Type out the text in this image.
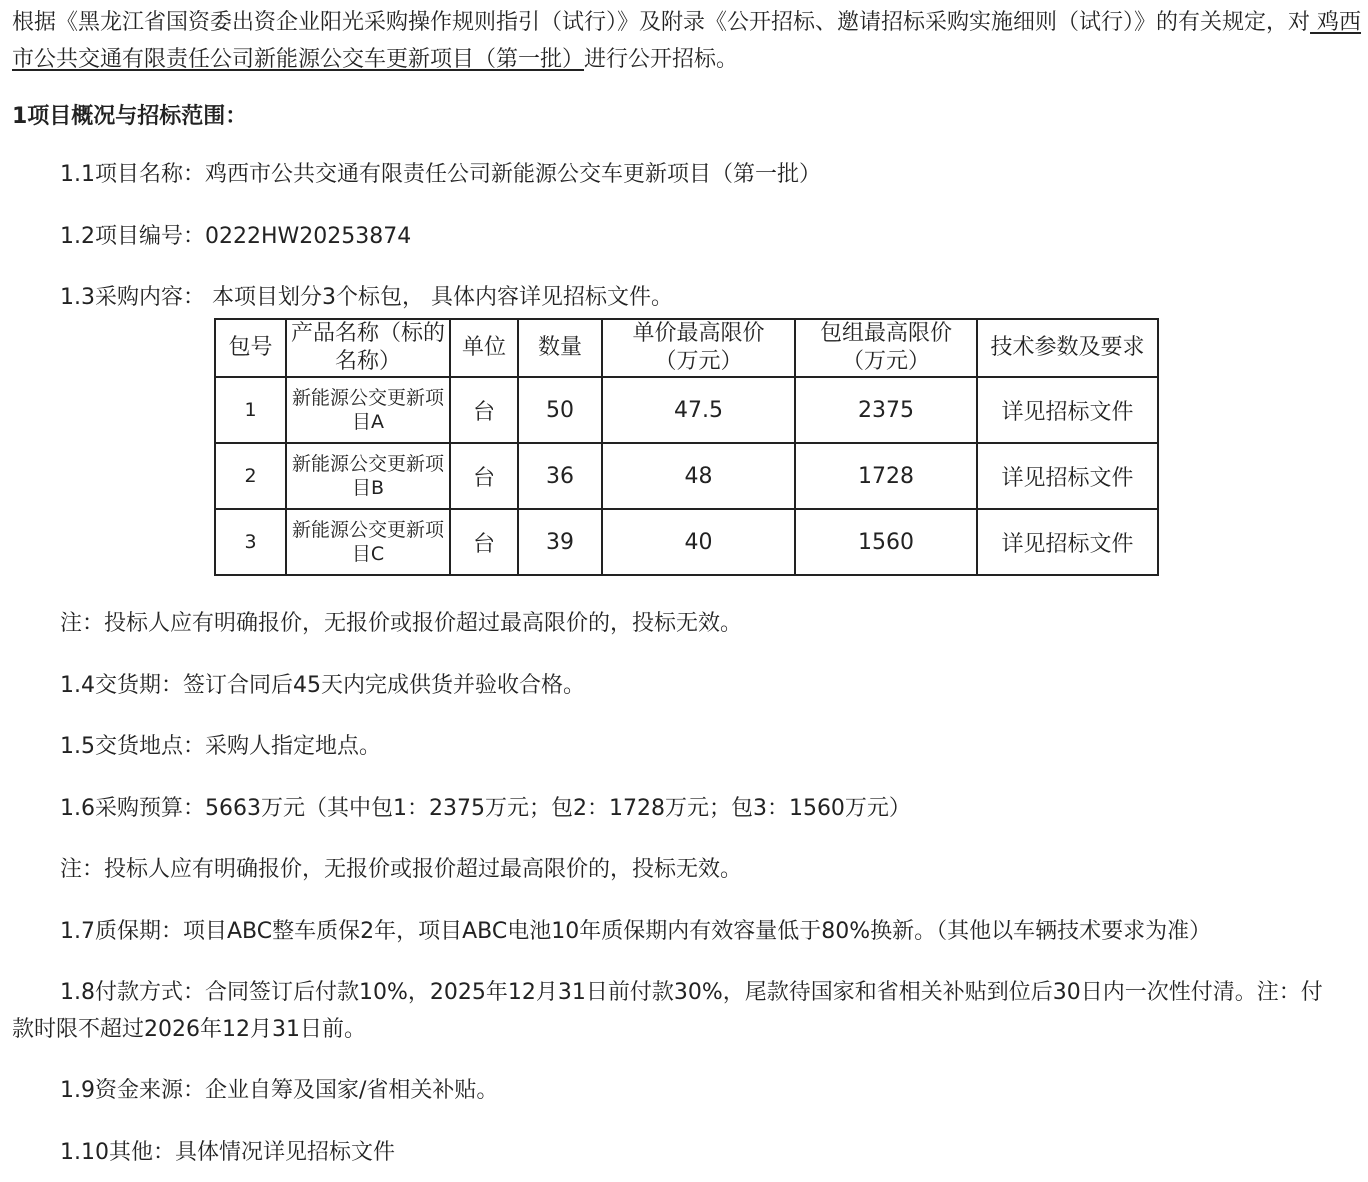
根据《黑龙江省国资委出资企业阳光采购操作规则指引（试行）》及附录《公开招标、邀请招标采购实施细则（试行）》的有关规定，对 鸡西市公共交通有限责任公司新能源公交车更新项目（第一批）进行公开招标。
1项目概况与招标范围：
1.1项目名称：鸡西市公共交通有限责任公司新能源公交车更新项目（第一批）
1.2项目编号：0222HW20253874
1.3采购内容： 本项目划分3个标包， 具体内容详见招标文件。
包号	产品名称（标的名称）	单位	数量	单价最高限价（万元）	包组最高限价（万元）	技术参数及要求
1	新能源公交更新项目A	台	50	47.5	2375	详见招标文件
2	新能源公交更新项目B	台	36	48	1728	详见招标文件
3	新能源公交更新项目C	台	39	40	1560	详见招标文件
注：投标人应有明确报价，无报价或报价超过最高限价的，投标无效。
1.4交货期：签订合同后45天内完成供货并验收合格。
1.5交货地点：采购人指定地点。
1.6采购预算：5663万元（其中包1：2375万元；包2：1728万元；包3：1560万元）
注：投标人应有明确报价，无报价或报价超过最高限价的，投标无效。
1.7质保期：项目ABC整车质保2年，项目ABC电池10年质保期内有效容量低于80%换新。（其他以车辆技术要求为准）
1.8付款方式：合同签订后付款10%，2025年12月31日前付款30%，尾款待国家和省相关补贴到位后30日内一次性付清。注：付款时限不超过2026年12月31日前。
1.9资金来源：企业自筹及国家/省相关补贴。
1.10其他：具体情况详见招标文件
